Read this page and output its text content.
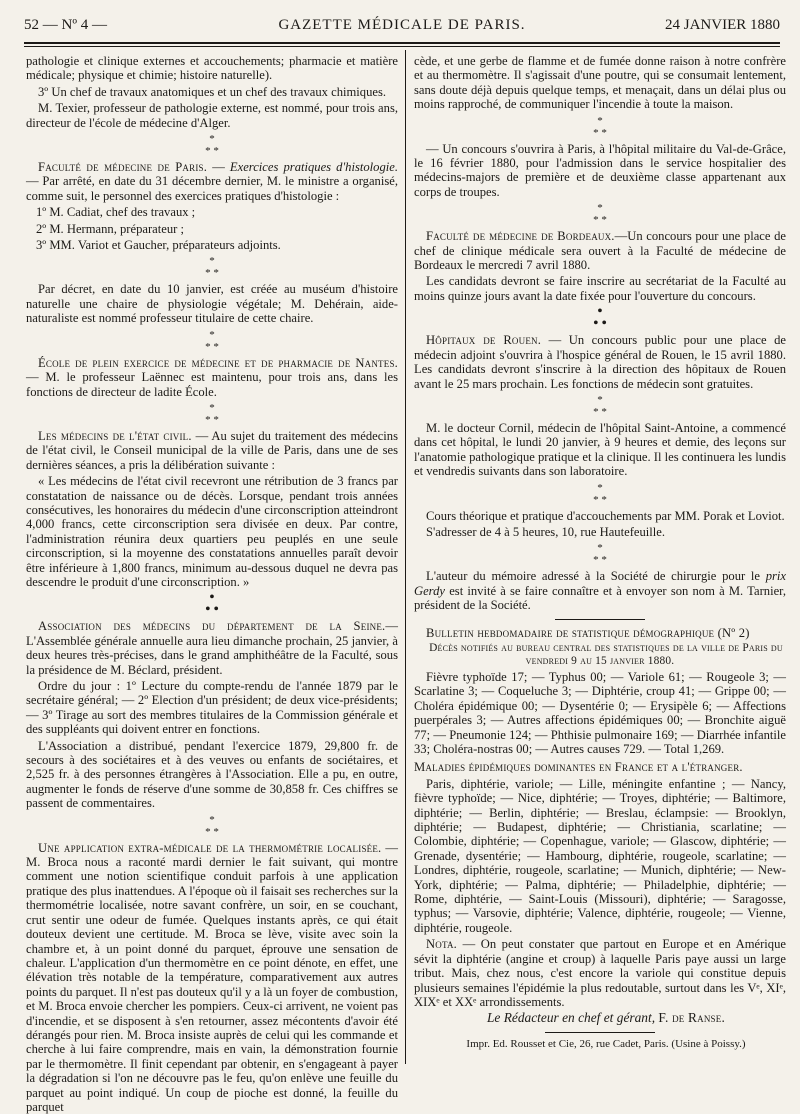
52 — Nº 4 —	GAZETTE MÉDICALE DE PARIS.	24 JANVIER 1880

pathologie et clinique externes et accouchements; pharmacie et matière médicale; physique et chimie; histoire naturelle).

3º Un chef de travaux anatomiques et un chef des travaux chimiques.

M. Texier, professeur de pathologie externe, est nommé, pour trois ans, directeur de l'école de médecine d'Alger.

*
* *

Faculté de médecine de Paris. — Exercices pratiques d'histologie. — Par arrêté, en date du 31 décembre dernier, M. le ministre a organisé, comme suit, le personnel des exercices pratiques d'histologie :

1º M. Cadiat, chef des travaux ;

2º M. Hermann, préparateur ;

3º MM. Variot et Gaucher, préparateurs adjoints.

*
* *

Par décret, en date du 10 janvier, est créée au muséum d'histoire naturelle une chaire de physiologie végétale; M. Dehérain, aide-naturaliste est nommé professeur titulaire de cette chaire.

*
* *

École de plein exercice de médecine et de pharmacie de Nantes. — M. le professeur Laënnec est maintenu, pour trois ans, dans les fonctions de directeur de ladite École.

*
* *

Les médecins de l'état civil. — Au sujet du traitement des médecins de l'état civil, le Conseil municipal de la ville de Paris, dans une de ses dernières séances, a pris la délibération suivante :

« Les médecins de l'état civil recevront une rétribution de 3 francs par constatation de naissance ou de décès. Lorsque, pendant trois années consécutives, les honoraires du médecin d'une circonscription atteindront 4,000 francs, cette circonscription sera divisée en deux. Par contre, l'administration réunira deux quartiers peu peuplés en une seule circonscription, si la moyenne des constatations annuelles paraît devoir être inférieure à 1,800 francs, minimum au-dessous duquel ne devra pas descendre le produit d'une circonscription. »

•
• •

Association des médecins du département de la Seine.—L'Assemblée générale annuelle aura lieu dimanche prochain, 25 janvier, à deux heures très-précises, dans le grand amphithéâtre de la Faculté, sous la présidence de M. Béclard, président.

Ordre du jour : 1º Lecture du compte-rendu de l'année 1879 par le secrétaire général; — 2º Election d'un président; de deux vice-présidents; — 3º Tirage au sort des membres titulaires de la Commission générale et des suppléants qui doivent entrer en fonctions.

L'Association a distribué, pendant l'exercice 1879, 29,800 fr. de secours à des sociétaires et à des veuves ou enfants de sociétaires, et 2,525 fr. à des personnes étrangères à l'Association. Elle a pu, en outre, augmenter le fonds de réserve d'une somme de 30,858 fr. Ces chiffres se passent de commentaires.

*
* *

Une application extra-médicale de la thermométrie localisée. — M. Broca nous a raconté mardi dernier le fait suivant, qui montre comment une notion scientifique conduit parfois à une application pratique des plus inattendues. A l'époque où il faisait ses recherches sur la thermométrie localisée, notre savant confrère, un soir, en se couchant, crut sentir une odeur de fumée. Quelques instants après, ce qui était douteux devient une certitude. M. Broca se lève, visite avec soin la chambre et, à un point donné du parquet, éprouve une sensation de chaleur. L'application d'un thermomètre en ce point dénote, en effet, une élévation très notable de la température, comparativement aux autres points du parquet. Il n'est pas douteux qu'il y a là un foyer de combustion, et M. Broca envoie chercher les pompiers. Ceux-ci arrivent, ne voient pas d'incendie, et se disposent à s'en retourner, assez mécontents d'avoir été dérangés pour rien. M. Broca insiste auprès de celui qui les commande et cherche à lui faire comprendre, mais en vain, la démonstration fournie par le thermomètre. Il finit cependant par obtenir, en s'engageant à payer la dégradation si l'on ne découvre pas le feu, qu'on enlève une feuille du parquet au point indiqué. Un coup de pioche est donné, la feuille du parquet

cède, et une gerbe de flamme et de fumée donne raison à notre confrère et au thermomètre. Il s'agissait d'une poutre, qui se consumait lentement, sans doute déjà depuis quelque temps, et menaçait, dans un délai plus ou moins rapproché, de communiquer l'incendie à toute la maison.

*
* *

— Un concours s'ouvrira à Paris, à l'hôpital militaire du Val-de-Grâce, le 16 février 1880, pour l'admission dans le service hospitalier des médecins-majors de première et de deuxième classe appartenant aux corps de troupes.

*
* *

Faculté de médecine de Bordeaux.—Un concours pour une place de chef de clinique médicale sera ouvert à la Faculté de médecine de Bordeaux le mercredi 7 avril 1880.

Les candidats devront se faire inscrire au secrétariat de la Faculté au moins quinze jours avant la date fixée pour l'ouverture du concours.

•
• •

Hôpitaux de Rouen. — Un concours public pour une place de médecin adjoint s'ouvrira à l'hospice général de Rouen, le 15 avril 1880. Les candidats devront s'inscrire à la direction des hôpitaux de Rouen avant le 25 mars prochain. Les fonctions de médecin sont gratuites.

*
* *

M. le docteur Cornil, médecin de l'hôpital Saint-Antoine, a commencé dans cet hôpital, le lundi 20 janvier, à 9 heures et demie, des leçons sur l'anatomie pathologique pratique et la clinique. Il les continuera les lundis et vendredis suivants dans son laboratoire.

*
* *

Cours théorique et pratique d'accouchements par MM. Porak et Loviot.

S'adresser de 4 à 5 heures, 10, rue Hautefeuille.

*
* *

L'auteur du mémoire adressé à la Société de chirurgie pour le prix Gerdy est invité à se faire connaître et à envoyer son nom à M. Tarnier, président de la Société.

Bulletin hebdomadaire de statistique démographique (Nº 2)

Décès notifiés au bureau central des statistiques de la ville de Paris du vendredi 9 au 15 janvier 1880.

Fièvre typhoïde 17; — Typhus 00; — Variole 61; — Rougeole 3; — Scarlatine 3; — Coqueluche 3; — Diphtérie, croup 41; — Grippe 00; — Choléra épidémique 00; — Dysentérie 0; — Erysipèle 6; — Affections puerpérales 3; — Autres affections épidémiques 00; — Bronchite aiguë 77; — Pneumonie 124; — Phthisie pulmonaire 169; — Diarrhée infantile 33; Choléra-nostras 00; — Autres causes 729. — Total 1,269.

Maladies épidémiques dominantes en France et a l'étranger.

Paris, diphtérie, variole; — Lille, méningite enfantine ; — Nancy, fièvre typhoïde; — Nice, diphtérie; — Troyes, diphtérie; — Baltimore, diphtérie; — Berlin, diphtérie; — Breslau, éclampsie: — Brooklyn, diphtérie; — Budapest, diphtérie; — Christiania, scarlatine; — Colombie, diphtérie; — Copenhague, variole; — Glascow, diphtérie; — Grenade, dysentérie; — Hambourg, diphtérie, rougeole, scarlatine; — Londres, diphtérie, rougeole, scarlatine; — Munich, diphtérie; — New-York, diphtérie; — Palma, diphtérie; — Philadelphie, diphtérie; — Rome, diphtérie, — Saint-Louis (Missouri), diphtérie; — Saragosse, typhus; — Varsovie, diphtérie; Valence, diphtérie, rougeole; — Vienne, diphtérie, rougeole.

Nota. — On peut constater que partout en Europe et en Amérique sévit la diphtérie (angine et croup) à laquelle Paris paye aussi un large tribut. Mais, chez nous, c'est encore la variole qui constitue depuis plusieurs semaines l'épidémie la plus redoutable, surtout dans les Vᵉ, XIᵉ, XIXᵉ et XXᵉ arrondissements.

Le Rédacteur en chef et gérant, F. de Ranse.

Impr. Ed. Rousset et Cie, 26, rue Cadet, Paris. (Usine à Poissy.)
